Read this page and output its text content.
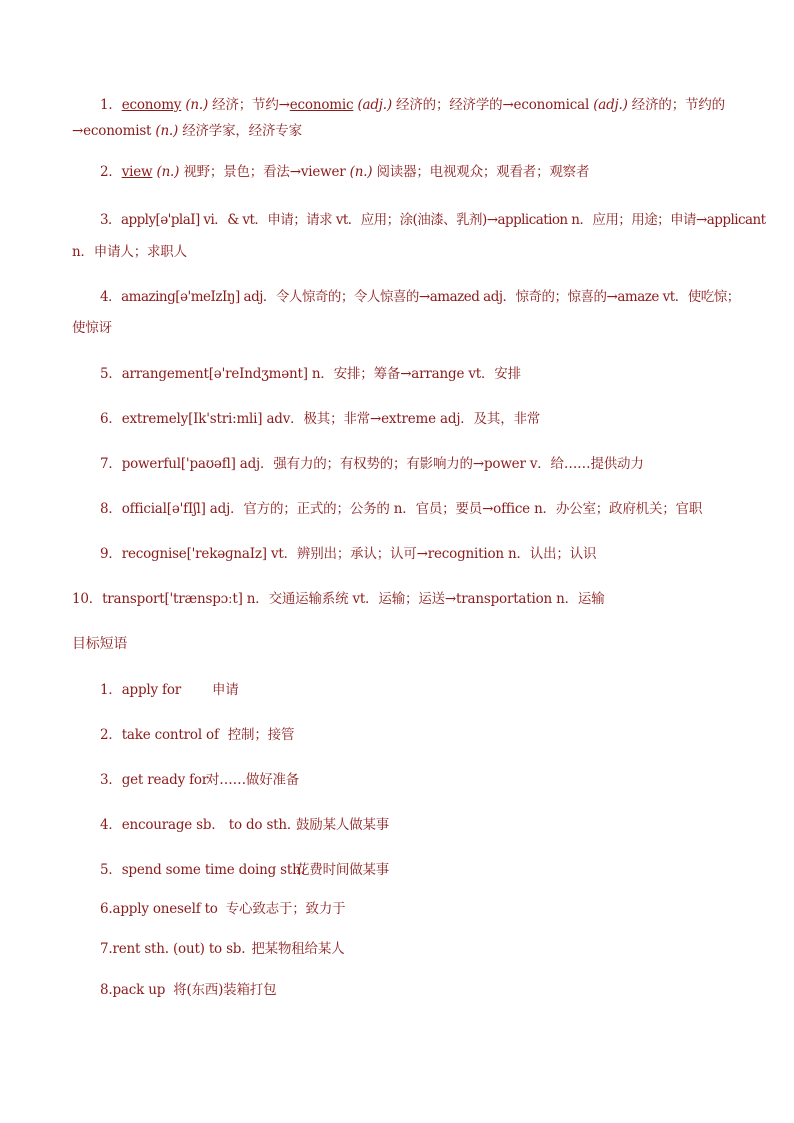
1．economy (n.) 经济；节约→economic (adj.) 经济的；经济学的→economical (adj.) 经济的；节约的
→economist (n.) 经济学家，经济专家
2．view (n.) 视野；景色；看法→viewer (n.) 阅读器；电视观众；观看者；观察者
3．apply[ə'plaI] vi．& vt．申请；请求 vt．应用；涂(油漆、乳剂)→application n．应用；用途；申请→applicant
n．申请人；求职人
4．amazing[ə'meIzIŋ] adj．令人惊奇的；令人惊喜的→amazed adj．惊奇的；惊喜的→amaze vt．使吃惊；
使惊讶
5．arrangement[ə'reIndʒmənt] n．安排；筹备→arrange vt．安排
6．extremely[Ik'stri:mli] adv．极其；非常→extreme adj．及其，非常
7．powerful['paʊəfl] adj．强有力的；有权势的；有影响力的→power v．给……提供动力
8．official[ə'fIʃl] adj．官方的；正式的；公务的 n．官员；要员→office n．办公室；政府机关；官职
9．recognise['rekəɡnaIz] vt．辨别出；承认；认可→recognition n．认出；认识
10．transport['trænspɔːt] n．交通运输系统 vt．运输；运送→transportation n．运输
目标短语
1．apply for 申请
2．take control of 控制；接管
3．get ready for对……做好准备
4．encourage sb． to do sth．鼓励某人做某事
5．spend some time doing sth．花费时间做某事
6.apply oneself to 专心致志于；致力于
7.rent sth. (out) to sb. 把某物租给某人
8.pack up 将(东西)装箱打包
